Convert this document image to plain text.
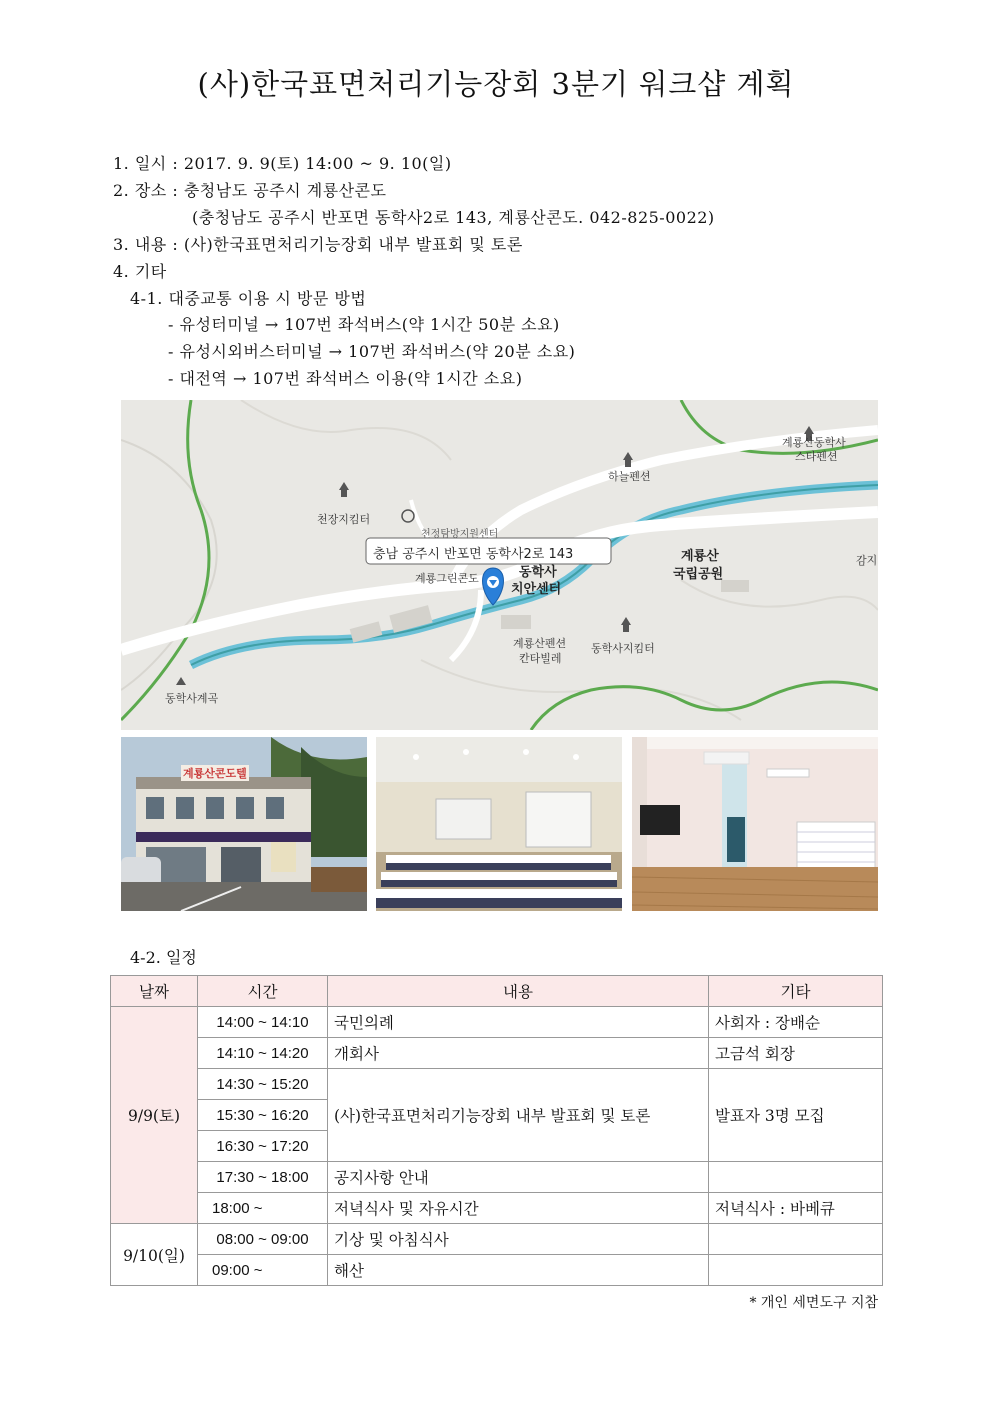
(사)한국표면처리기능장회 3분기 워크샵 계획
1. 일시 : 2017. 9. 9(토) 14:00 ~ 9. 10(일)
2. 장소 : 충청남도 공주시 계룡산콘도
(충청남도 공주시 반포면 동학사2로 143, 계룡산콘도. 042-825-0022)
3. 내용 : (사)한국표면처리기능장회 내부 발표회 및 토론
4. 기타
4-1. 대중교통 이용 시 방문 방법
- 유성터미널 → 107번 좌석버스(약 1시간 50분 소요)
- 유성시외버스터미널 → 107번 좌석버스(약 20분 소요)
- 대전역 → 107번 좌석버스 이용(약 1시간 소요)
충남 공주시 반포면 동학사2로 143
계룡산동학사
스타펜션
하늘펜션
천장지킴터
천정탐방지원센터
계룡산
국립공원
감지
계룡그린콘도	동학사
치안센터
계룡산펜션
칸타빌레
동학사지킴터
동학사계곡
계룡산콘도텔
4-2. 일정
날짜	시간	내용	기타
9/9(토)	14:00 ~ 14:10	국민의례	사회자 : 장배순
	14:10 ~ 14:20	개회사	고금석 회장
	14:30 ~ 15:20	(사)한국표면처리기능장회 내부 발표회 및 토론	발표자 3명 모집
	15:30 ~ 16:20		
	16:30 ~ 17:20		
	17:30 ~ 18:00	공지사항 안내	
	18:00 ~	저녁식사 및 자유시간	저녁식사 : 바베큐
9/10(일)	08:00 ~ 09:00	기상 및 아침식사	
	09:00 ~	해산	
* 개인 세면도구 지참
